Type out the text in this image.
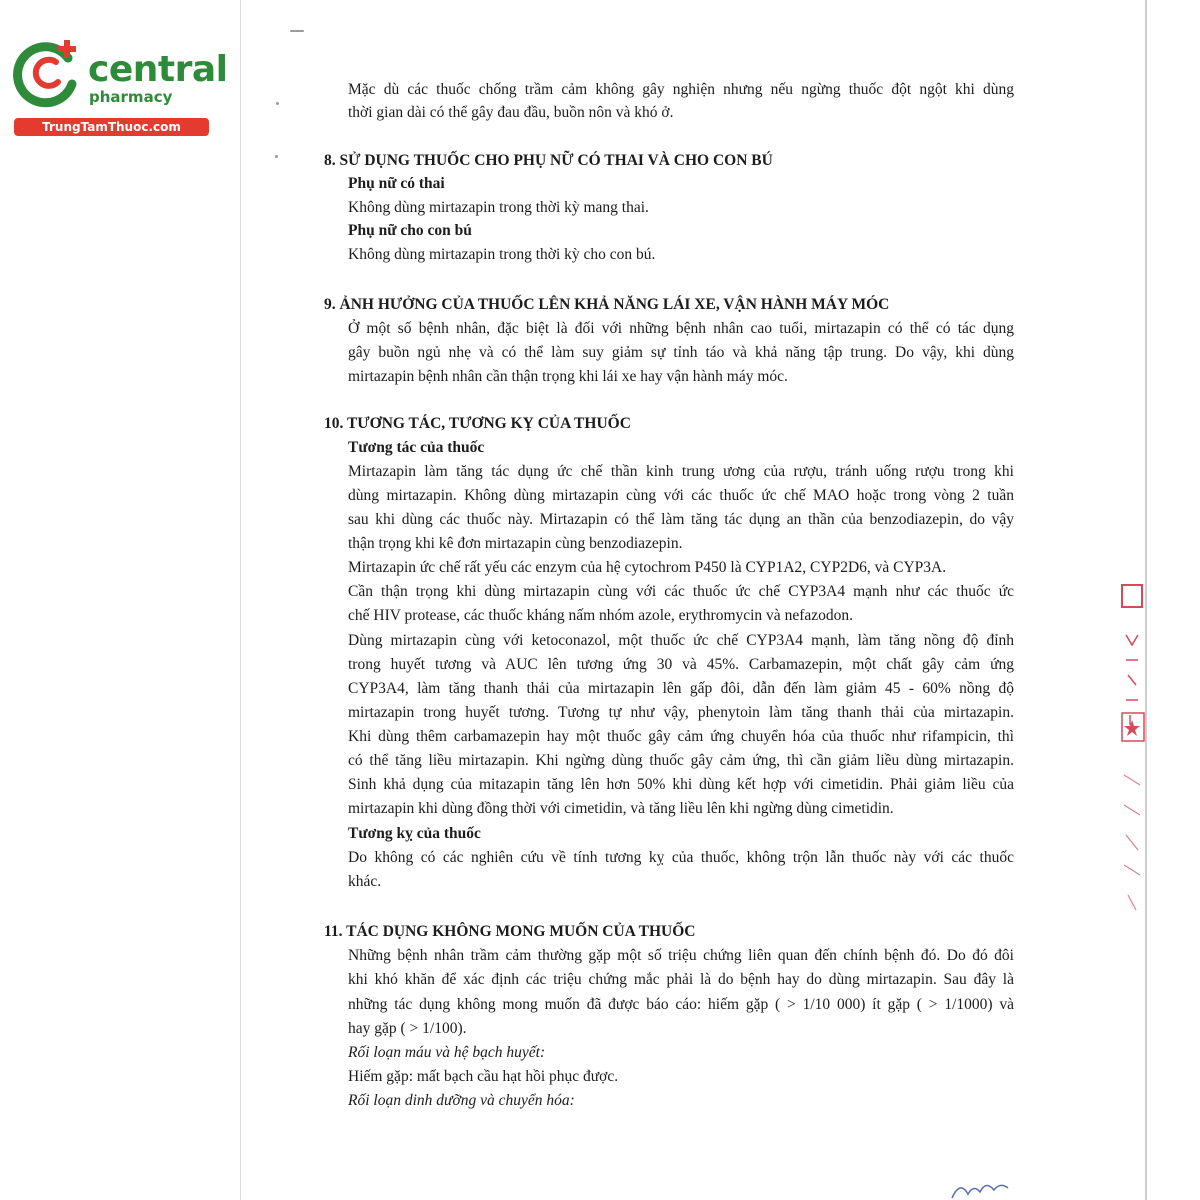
central
pharmacy
TrungTamThuoc.com
Mặc dù các thuốc chống trầm cảm không gây nghiện nhưng nếu ngừng thuốc đột ngột khi dùng
thời gian dài có thể gây đau đầu, buồn nôn và khó ở.
8. SỬ DỤNG THUỐC CHO PHỤ NỮ CÓ THAI VÀ CHO CON BÚ
Phụ nữ có thai
Không dùng mirtazapin trong thời kỳ mang thai.
Phụ nữ cho con bú
Không dùng mirtazapin trong thời kỳ cho con bú.
9. ẢNH HƯỞNG CỦA THUỐC LÊN KHẢ NĂNG LÁI XE, VẬN HÀNH MÁY MÓC
Ở một số bệnh nhân, đặc biệt là đối với những bệnh nhân cao tuổi, mirtazapin có thể có tác dụng
gây buồn ngủ nhẹ và có thể làm suy giảm sự tỉnh táo và khả năng tập trung. Do vậy, khi dùng
mirtazapin bệnh nhân cần thận trọng khi lái xe hay vận hành máy móc.
10. TƯƠNG TÁC, TƯƠNG KỴ CỦA THUỐC
Tương tác của thuốc
Mirtazapin làm tăng tác dụng ức chế thần kinh trung ương của rượu, tránh uống rượu trong khi
dùng mirtazapin. Không dùng mirtazapin cùng với các thuốc ức chế MAO hoặc trong vòng 2 tuần
sau khi dùng các thuốc này. Mirtazapin có thể làm tăng tác dụng an thần của benzodiazepin, do vậy
thận trọng khi kê đơn mirtazapin cùng benzodiazepin.
Mirtazapin ức chế rất yếu các enzym của hệ cytochrom P450 là CYP1A2, CYP2D6, và CYP3A.
Cần thận trọng khi dùng mirtazapin cùng với các thuốc ức chế CYP3A4 mạnh như các thuốc ức
chế HIV protease, các thuốc kháng nấm nhóm azole, erythromycin và nefazodon.
Dùng mirtazapin cùng với ketoconazol, một thuốc ức chế CYP3A4 mạnh, làm tăng nồng độ đỉnh
trong huyết tương và AUC lên tương ứng 30 và 45%. Carbamazepin, một chất gây cảm ứng
CYP3A4, làm tăng thanh thải của mirtazapin lên gấp đôi, dẫn đến làm giảm 45 - 60% nồng độ
mirtazapin trong huyết tương. Tương tự như vậy, phenytoin làm tăng thanh thải của mirtazapin.
Khi dùng thêm carbamazepin hay một thuốc gây cảm ứng chuyển hóa của thuốc như rifampicin, thì
có thể tăng liều mirtazapin. Khi ngừng dùng thuốc gây cảm ứng, thì cần giảm liều dùng mirtazapin.
Sinh khả dụng của mitazapin tăng lên hơn 50% khi dùng kết hợp với cimetidin. Phải giảm liều của
mirtazapin khi dùng đồng thời với cimetidin, và tăng liều lên khi ngừng dùng cimetidin.
Tương kỵ của thuốc
Do không có các nghiên cứu về tính tương kỵ của thuốc, không trộn lẫn thuốc này với các thuốc
khác.
11. TÁC DỤNG KHÔNG MONG MUỐN CỦA THUỐC
Những bệnh nhân trầm cảm thường gặp một số triệu chứng liên quan đến chính bệnh đó. Do đó đôi
khi khó khăn để xác định các triệu chứng mắc phải là do bệnh hay do dùng mirtazapin. Sau đây là
những tác dụng không mong muốn đã được báo cáo: hiếm gặp ( > 1/10 000) ít gặp ( > 1/1000) và
hay gặp ( > 1/100).
Rối loạn máu và hệ bạch huyết:
Hiếm gặp: mất bạch cầu hạt hồi phục được.
Rối loạn dinh dưỡng và chuyển hóa:
